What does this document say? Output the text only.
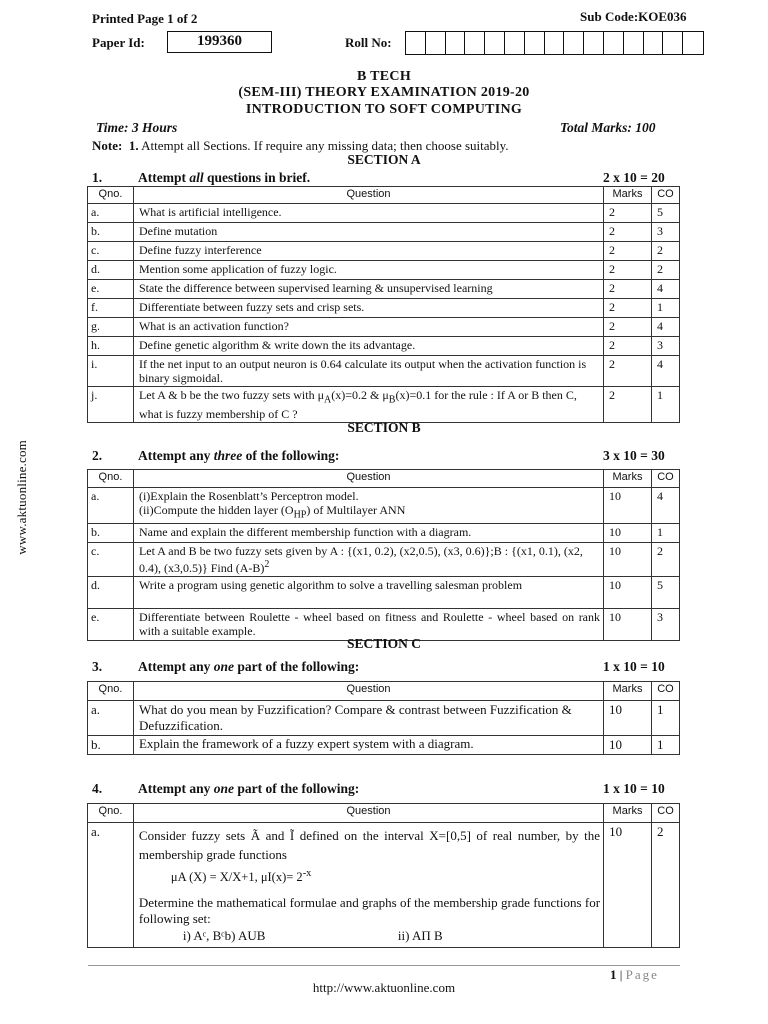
www.aktuonline.com
Printed Page 1 of 2	Sub Code:KOE036
Paper Id:	199360	Roll No:
B TECH
(SEM-III) THEORY EXAMINATION 2019-20
INTRODUCTION TO SOFT COMPUTING
Time: 3 Hours	Total Marks: 100
Note: 1. Attempt all Sections. If require any missing data; then choose suitably.
SECTION A
1.	Attempt all questions in brief.	2 x 10 = 20
Qno.	Question	Marks	CO
a.	What is artificial intelligence.	2	5
b.	Define mutation	2	3
c.	Define fuzzy interference	2	2
d.	Mention some application of fuzzy logic.	2	2
e.	State the difference between supervised learning & unsupervised learning	2	4
f.	Differentiate between fuzzy sets and crisp sets.	2	1
g.	What is an activation function?	2	4
h.	Define genetic algorithm & write down the its advantage.	2	3
i.	If the net input to an output neuron is 0.64 calculate its output when the activation function is binary sigmoidal.	2	4
j.	Let A & b be the two fuzzy sets with $\mu_A(x)=0.2$ & $\mu_B(x)=0.1$ for the rule : If A or B then C, what is fuzzy membership of C ?	2	1
SECTION B
2.	Attempt any three of the following:	3 x 10 = 30
Qno.	Question	Marks	CO
a.	(i)Explain the Rosenblatt’s Perceptron model.
(ii)Compute the hidden layer $(O_{HP})$ of Multilayer ANN	10	4
b.	Name and explain the different membership function with a diagram.	10	1
c.	Let A and B be two fuzzy sets given by A : {(x1, 0.2), (x2,0.5), (x3, 0.6)};B : {(x1, 0.1), (x2, 0.4), (x3,0.5)} Find $(A-B)^2$	10	2
d.	Write a program using genetic algorithm to solve a travelling salesman problem	10	5
e.	Differentiate between Roulette - wheel based on fitness and Roulette - wheel based on rank with a suitable example.	10	3
SECTION C
3.	Attempt any one part of the following:	1 x 10 = 10
Qno.	Question	Marks	CO
a.	What do you mean by Fuzzification? Compare & contrast between Fuzzification & Defuzzification.	10	1
b.	Explain the framework of a fuzzy expert system with a diagram.	10	1
4.	Attempt any one part of the following:	1 x 10 = 10
Qno.	Question	Marks	CO
a.	Consider fuzzy sets Ã and Ĩ defined on the interval X=[0,5] of real number, by the membership grade functions
μA (X) = X/X+1, $\mu I(x)= 2^{-x}$
Determine the mathematical formulae and graphs of the membership grade functions for following set:
i) Aᶜ, Bᶜb) AUB ii) AΠ B	10	2
1 | Page
http://www.aktuonline.com
